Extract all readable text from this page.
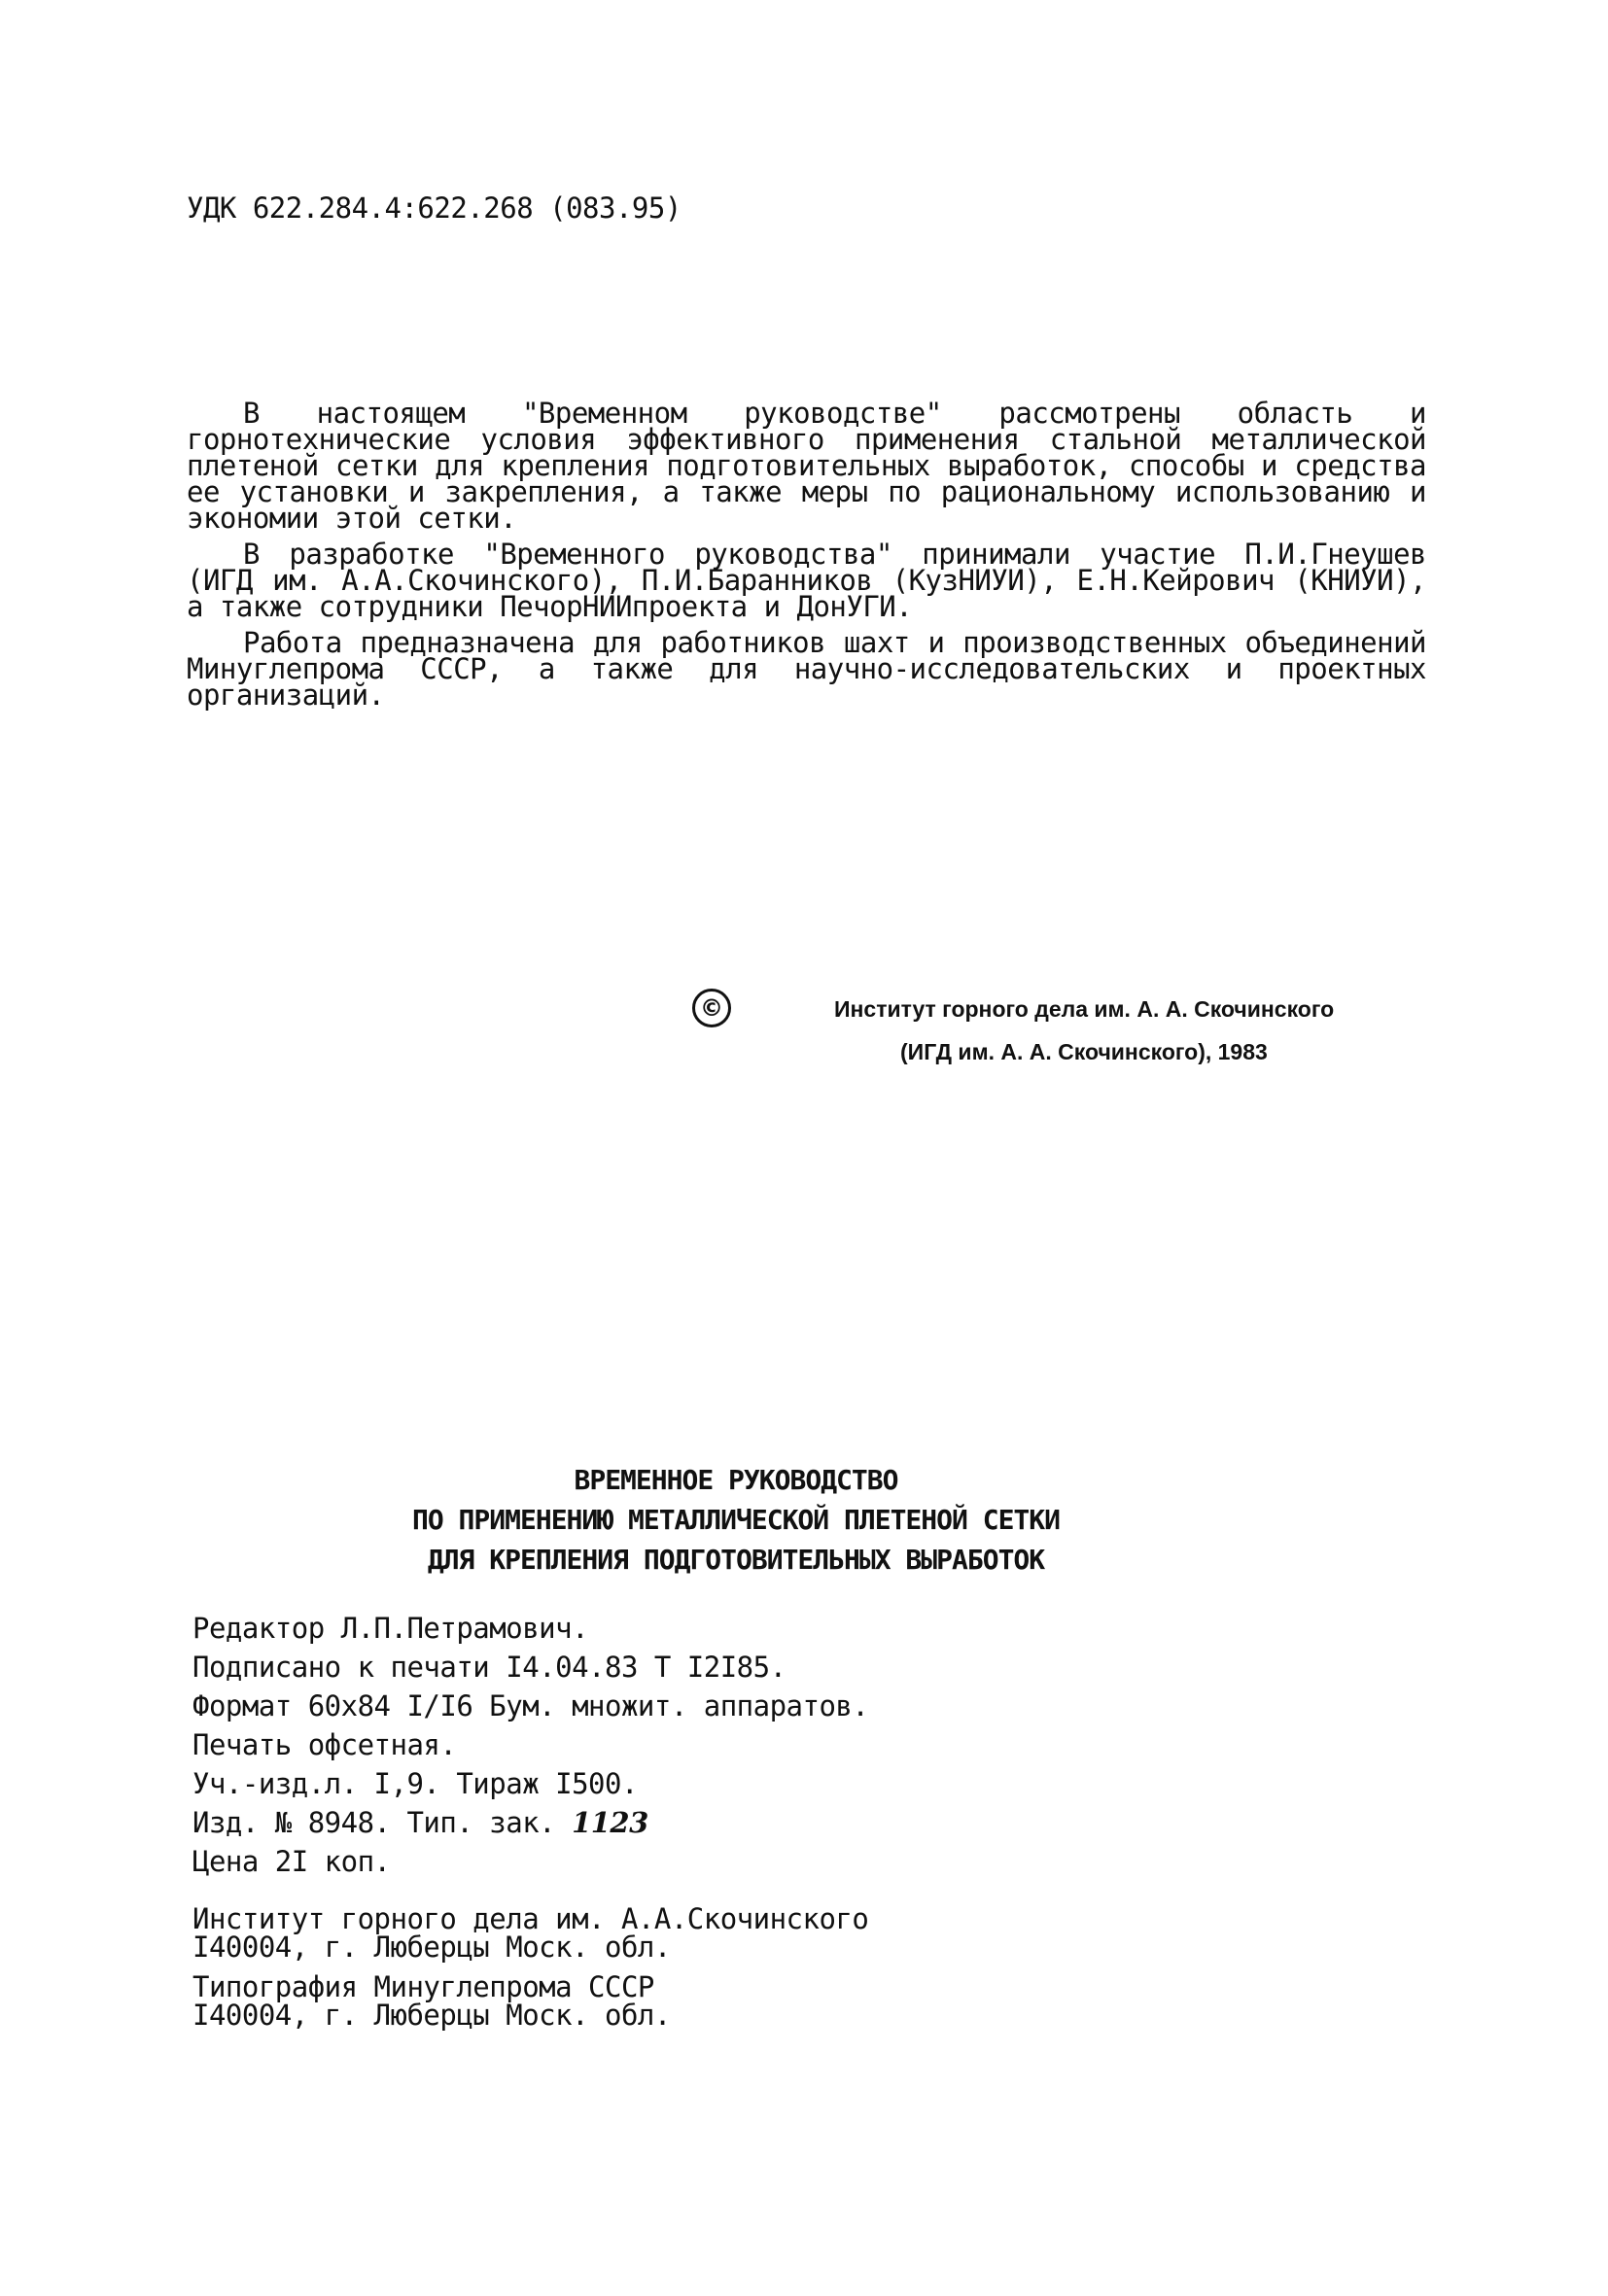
УДК 622.284.4:622.268 (083.95)

В настоящем "Временном руководстве" рассмотрены область и горнотехнические условия эффективного применения стальной металлической плетеной сетки для крепления подготовительных выработок, способы и средства ее установки и закрепления, а также меры по рациональному использованию и экономии этой сетки.

В разработке "Временного руководства" принимали участие П.И.Гнеушев (ИГД им. А.А.Скочинского), П.И.Баранников (КузНИУИ), Е.Н.Кейрович (КНИУИ), а также сотрудники ПечорНИИпроекта и ДонУГИ.

Работа предназначена для работников шахт и производственных объединений Минуглепрома СССР, а также для научно-исследовательских и проектных организаций.

©	Институт горного дела им. А. А. Скочинского
(ИГД им. А. А. Скочинского), 1983
ВРЕМЕННОЕ РУКОВОДСТВО
ПО ПРИМЕНЕНИЮ МЕТАЛЛИЧЕСКОЙ ПЛЕТЕНОЙ СЕТКИ
ДЛЯ КРЕПЛЕНИЯ ПОДГОТОВИТЕЛЬНЫХ ВЫРАБОТОК
Редактор Л.П.Петрамович.
Подписано к печати I4.04.83 Т I2I85.
Формат 60х84 I/I6 Бум. множит. аппаратов.
Печать офсетная.
Уч.-изд.л. I,9. Тираж I500.
Изд. № 8948. Тип. зак. 1123
Цена 2I коп.
Институт горного дела им. А.А.Скочинского
I40004, г. Люберцы Моск. обл.
Типография Минуглепрома СССР
I40004, г. Люберцы Моск. обл.
